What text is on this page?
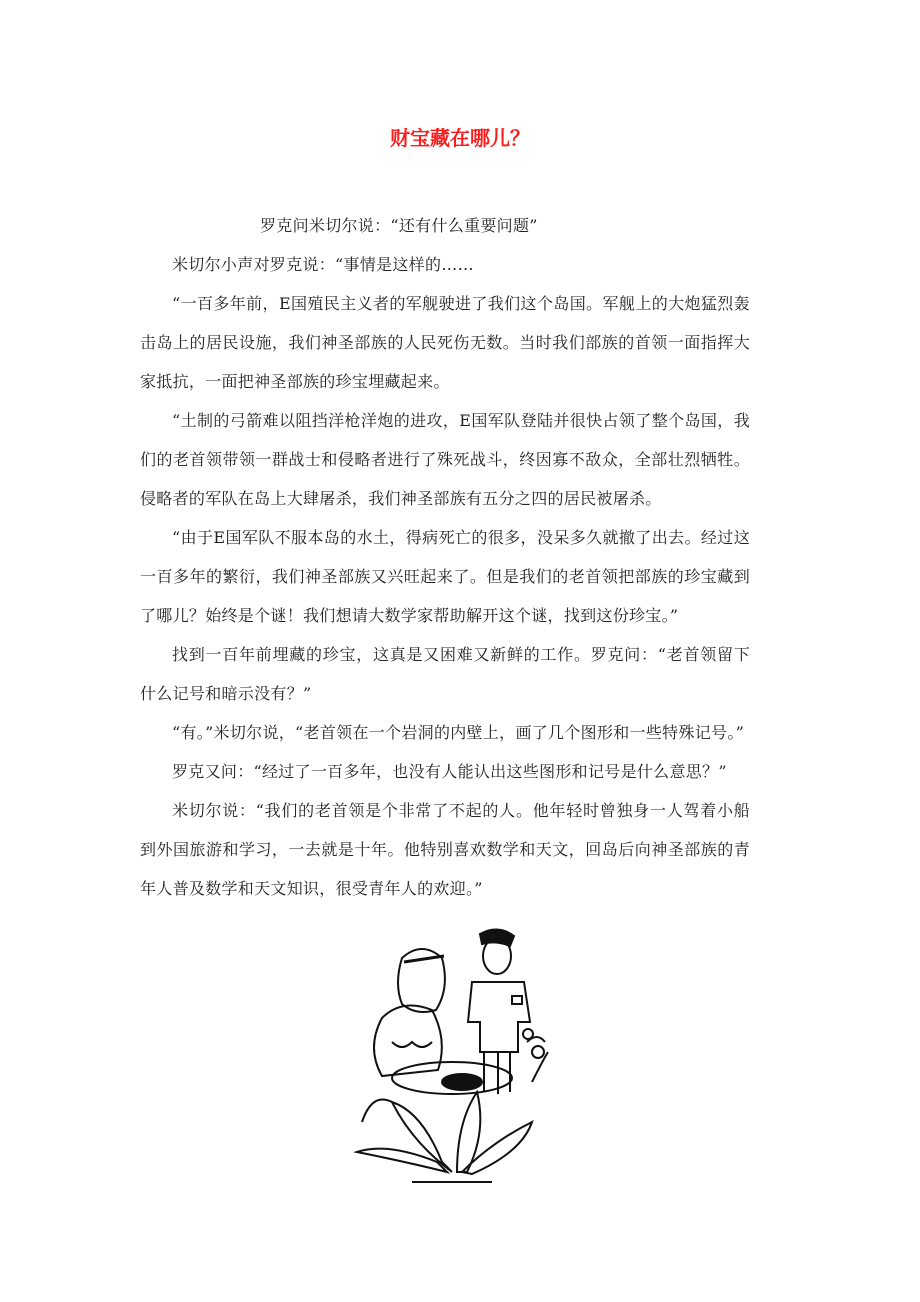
财宝藏在哪儿？

罗克问米切尔说：“还有什么重要问题”

米切尔小声对罗克说：“事情是这样的……

“一百多年前，E国殖民主义者的军舰驶进了我们这个岛国。军舰上的大炮猛烈轰击岛上的居民设施，我们神圣部族的人民死伤无数。当时我们部族的首领一面指挥大家抵抗，一面把神圣部族的珍宝埋藏起来。

“土制的弓箭难以阻挡洋枪洋炮的进攻，E国军队登陆并很快占领了整个岛国，我们的老首领带领一群战士和侵略者进行了殊死战斗，终因寡不敌众，全部壮烈牺牲。侵略者的军队在岛上大肆屠杀，我们神圣部族有五分之四的居民被屠杀。

“由于E国军队不服本岛的水土，得病死亡的很多，没呆多久就撤了出去。经过这一百多年的繁衍，我们神圣部族又兴旺起来了。但是我们的老首领把部族的珍宝藏到了哪儿？始终是个谜！我们想请大数学家帮助解开这个谜，找到这份珍宝。”

找到一百年前埋藏的珍宝，这真是又困难又新鲜的工作。罗克问：“老首领留下什么记号和暗示没有？”

“有。”米切尔说，“老首领在一个岩洞的内壁上，画了几个图形和一些特殊记号。”

罗克又问：“经过了一百多年，也没有人能认出这些图形和记号是什么意思？”

米切尔说：“我们的老首领是个非常了不起的人。他年轻时曾独身一人驾着小船到外国旅游和学习，一去就是十年。他特别喜欢数学和天文，回岛后向神圣部族的青年人普及数学和天文知识，很受青年人的欢迎。”
